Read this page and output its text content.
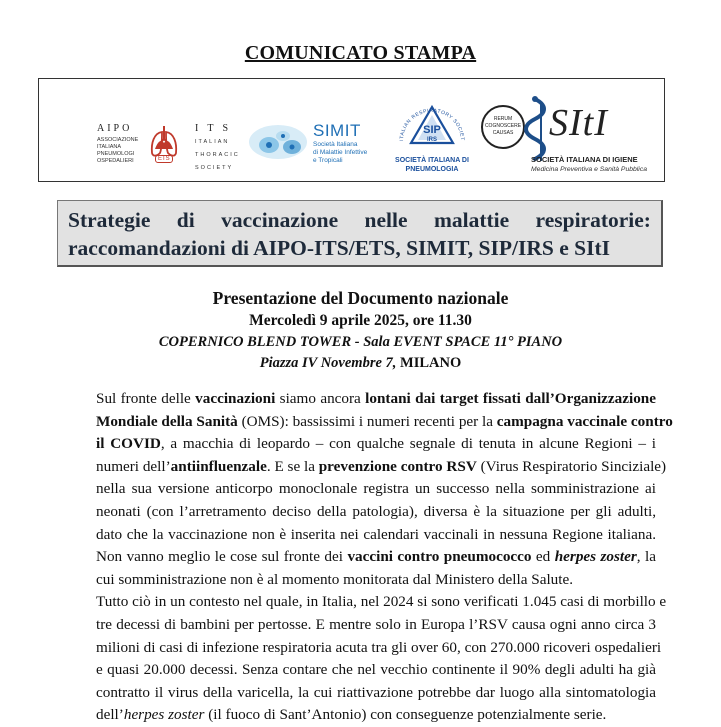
COMUNICATO STAMPA
AIPO
ASSOCIAZIONE
ITALIANA
PNEUMOLOGI
OSPEDALIERI	ETS
ITS
ITALIAN
THORACIC
SOCIETY
SIMIT
Società Italiana
di Malattie Infettive
e Tropicali
ITALIAN RESPIRATORY SOCIET
SIP
IRS
SOCIETÀ ITALIANA DI
PNEUMOLOGIA
RERUM
COGNOSCERE
CAUSAS SItI
SOCIETÀ ITALIANA DI IGIENE
Medicina Preventiva e Sanità Pubblica
Strategie di vaccinazione nelle malattie respiratorie:
raccomandazioni di AIPO-ITS/ETS, SIMIT, SIP/IRS e SItI
Presentazione del Documento nazionale
Mercoledì 9 aprile 2025, ore 11.30
COPERNICO BLEND TOWER - Sala EVENT SPACE 11° PIANO
Piazza IV Novembre 7, MILANO

Sul fronte delle vaccinazioni siamo ancora lontani dai target fissati dall’Organizzazione
Mondiale della Sanità (OMS): bassissimi i numeri recenti per la campagna vaccinale contro
il COVID, a macchia di leopardo – con qualche segnale di tenuta in alcune Regioni – i
numeri dell’antiinfluenzale. E se la prevenzione contro RSV (Virus Respiratorio Sinciziale)
nella sua versione anticorpo monoclonale registra un successo nella somministrazione ai
neonati (con l’arretramento deciso della patologia), diversa è la situazione per gli adulti,
dato che la vaccinazione non è inserita nei calendari vaccinali in nessuna Regione italiana.
Non vanno meglio le cose sul fronte dei vaccini contro pneumococco ed herpes zoster, la
cui somministrazione non è al momento monitorata dal Ministero della Salute.

Tutto ciò in un contesto nel quale, in Italia, nel 2024 si sono verificati 1.045 casi di morbillo e
tre decessi di bambini per pertosse. E mentre solo in Europa l’RSV causa ogni anno circa 3
milioni di casi di infezione respiratoria acuta tra gli over 60, con 270.000 ricoveri ospedalieri
e quasi 20.000 decessi. Senza contare che nel vecchio continente il 90% degli adulti ha già
contratto il virus della varicella, la cui riattivazione potrebbe dar luogo alla sintomatologia
dell’herpes zoster (il fuoco di Sant’Antonio) con conseguenze potenzialmente serie.
